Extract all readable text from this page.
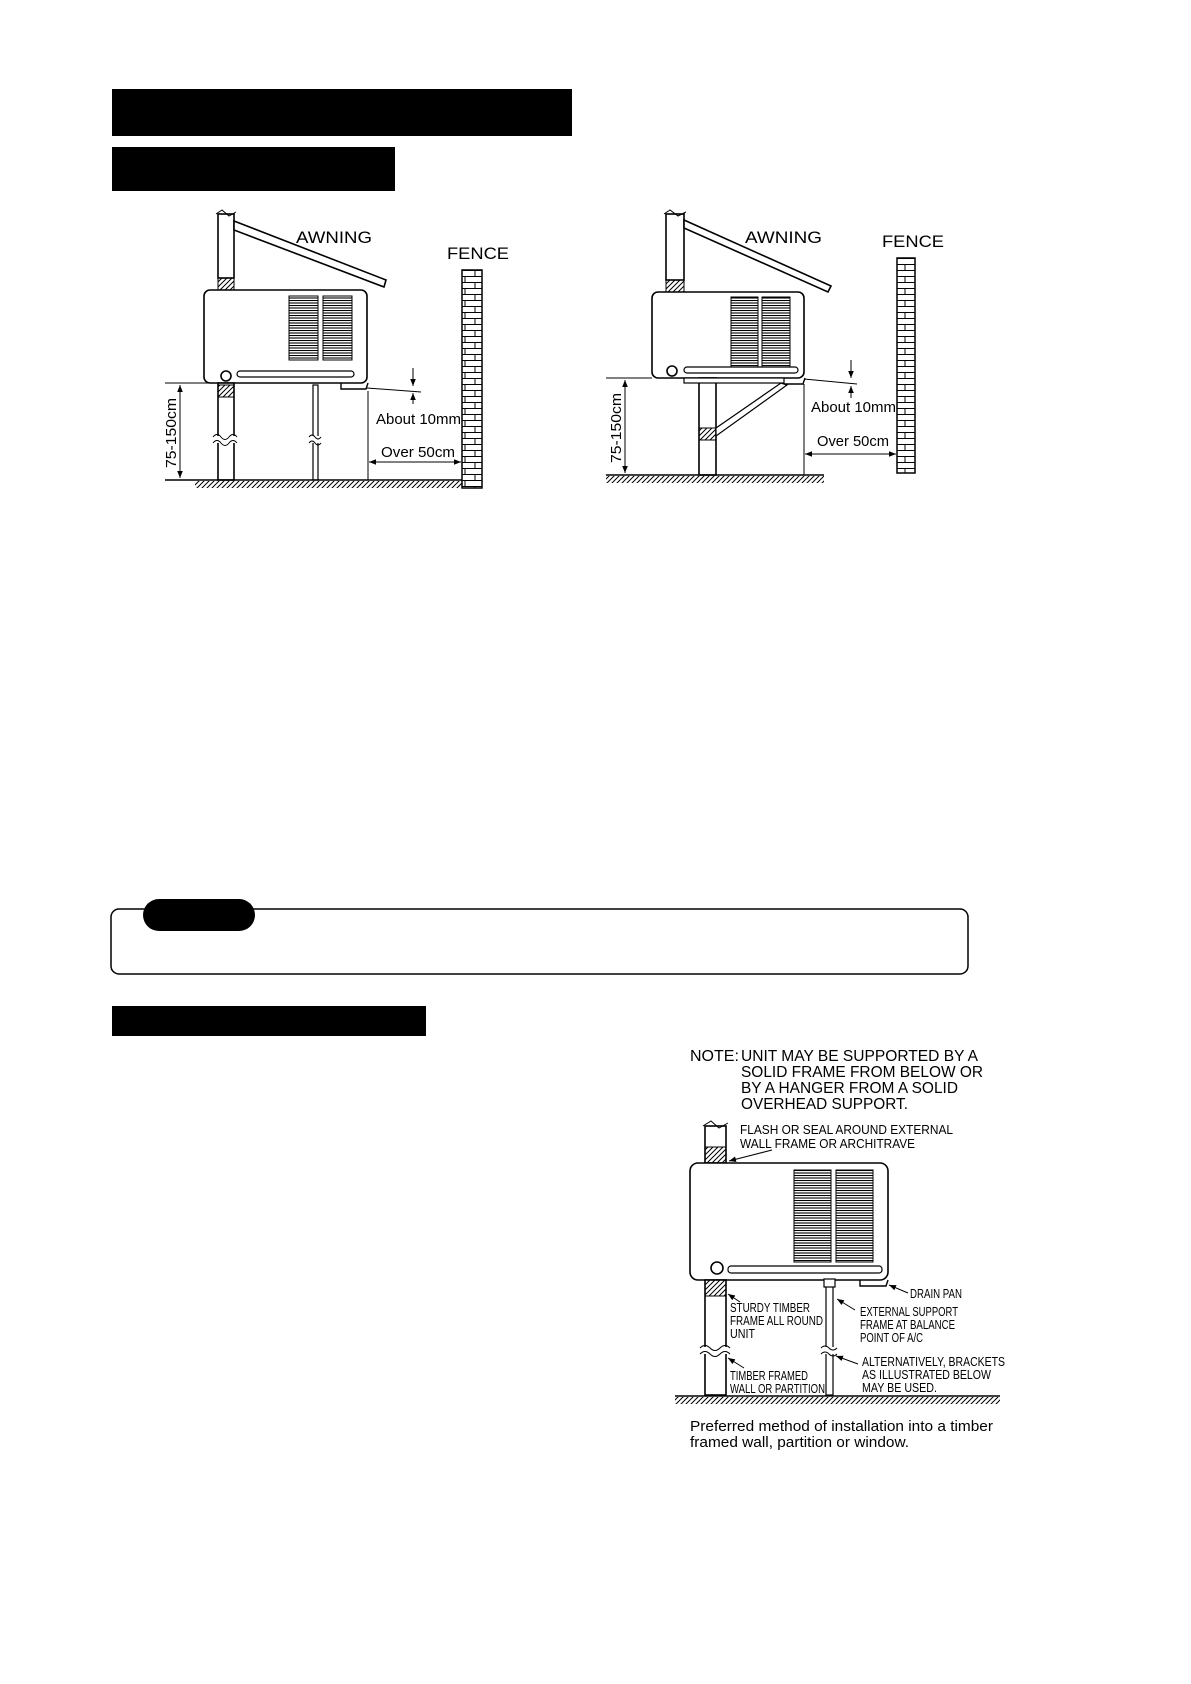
AWNING
75-150cm	About 10mm
Over 50cm
FENCE
AWNING
75-150cm	About 10mm
Over 50cm
FENCE
NOTE: UNIT MAY BE SUPPORTED BY A
SOLID FRAME FROM BELOW OR
BY A HANGER FROM A SOLID
OVERHEAD SUPPORT.
FLASH OR SEAL AROUND EXTERNAL
WALL FRAME OR ARCHITRAVE
DRAIN PAN
STURDY TIMBER
FRAME ALL ROUND
UNIT
EXTERNAL SUPPORT
FRAME AT BALANCE
POINT OF A/C
TIMBER FRAMED
WALL OR PARTITION
ALTERNATIVELY, BRACKETS
AS ILLUSTRATED BELOW
MAY BE USED.
Preferred method of installation into a timber
framed wall, partition or window.
